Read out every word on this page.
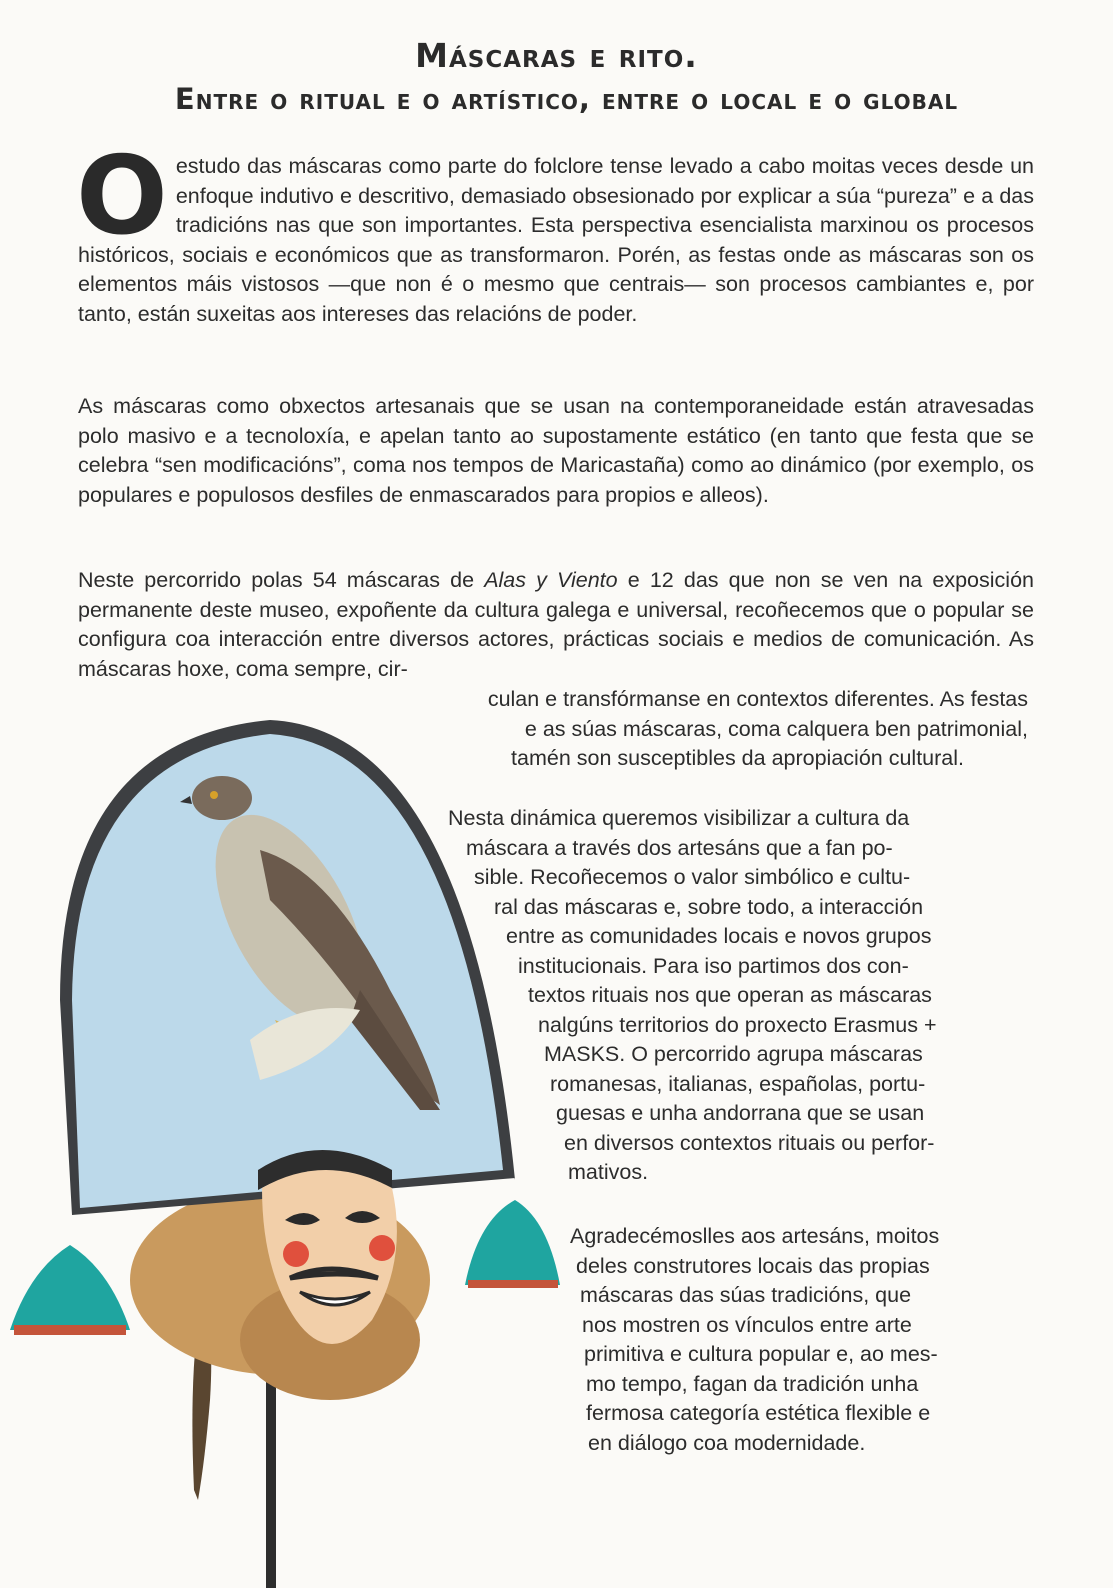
Máscaras e rito.
Entre o ritual e o artístico, entre o local e o global

Oestudo das máscaras como parte do folclore tense levado a cabo moitas veces desde un enfoque indutivo e descritivo, demasiado obsesionado por explicar a súa “pureza” e a das tradicións nas que son importantes. Esta perspectiva esencialista marxinou os procesos históricos, sociais e económicos que as transformaron. Porén, as festas onde as máscaras son os elementos máis vistosos —que non é o mesmo que centrais— son procesos cambiantes e, por tanto, están suxeitas aos intereses das relacións de poder.

As máscaras como obxectos artesanais que se usan na contemporaneidade están atravesadas polo masivo e a tecnoloxía, e apelan tanto ao supostamente estático (en tanto que festa que se celebra “sen modificacións”, coma nos tempos de Maricastaña) como ao dinámico (por exemplo, os populares e populosos desfiles de enmascarados para propios e alleos).

Neste percorrido polas 54 máscaras de Alas y Viento e 12 das que non se ven na exposición permanente deste museo, expoñente da cultura galega e universal, recoñecemos que o popular se configura coa interacción entre diversos actores, prácticas sociais e medios de comunicación. As máscaras hoxe, coma sempre, cir-

culan e transfórmanse en contextos diferentes. As festas
e as súas máscaras, coma calquera ben patrimonial,
tamén son susceptibles da apropiación cultural.
Nesta dinámica queremos visibilizar a cultura da
máscara a través dos artesáns que a fan po-
sible. Recoñecemos o valor simbólico e cultu-
ral das máscaras e, sobre todo, a interacción
entre as comunidades locais e novos grupos
institucionais. Para iso partimos dos con-
textos rituais nos que operan as máscaras
nalgúns territorios do proxecto Erasmus +
MASKS. O percorrido agrupa máscaras
romanesas, italianas, españolas, portu-
guesas e unha andorrana que se usan
en diversos contextos rituais ou perfor-
mativos.
Agradecémoslles aos artesáns, moitos
deles construtores locais das propias
máscaras das súas tradicións, que
nos mostren os vínculos entre arte
primitiva e cultura popular e, ao mes-
mo tempo, fagan da tradición unha
fermosa categoría estética flexible e
en diálogo coa modernidade.
